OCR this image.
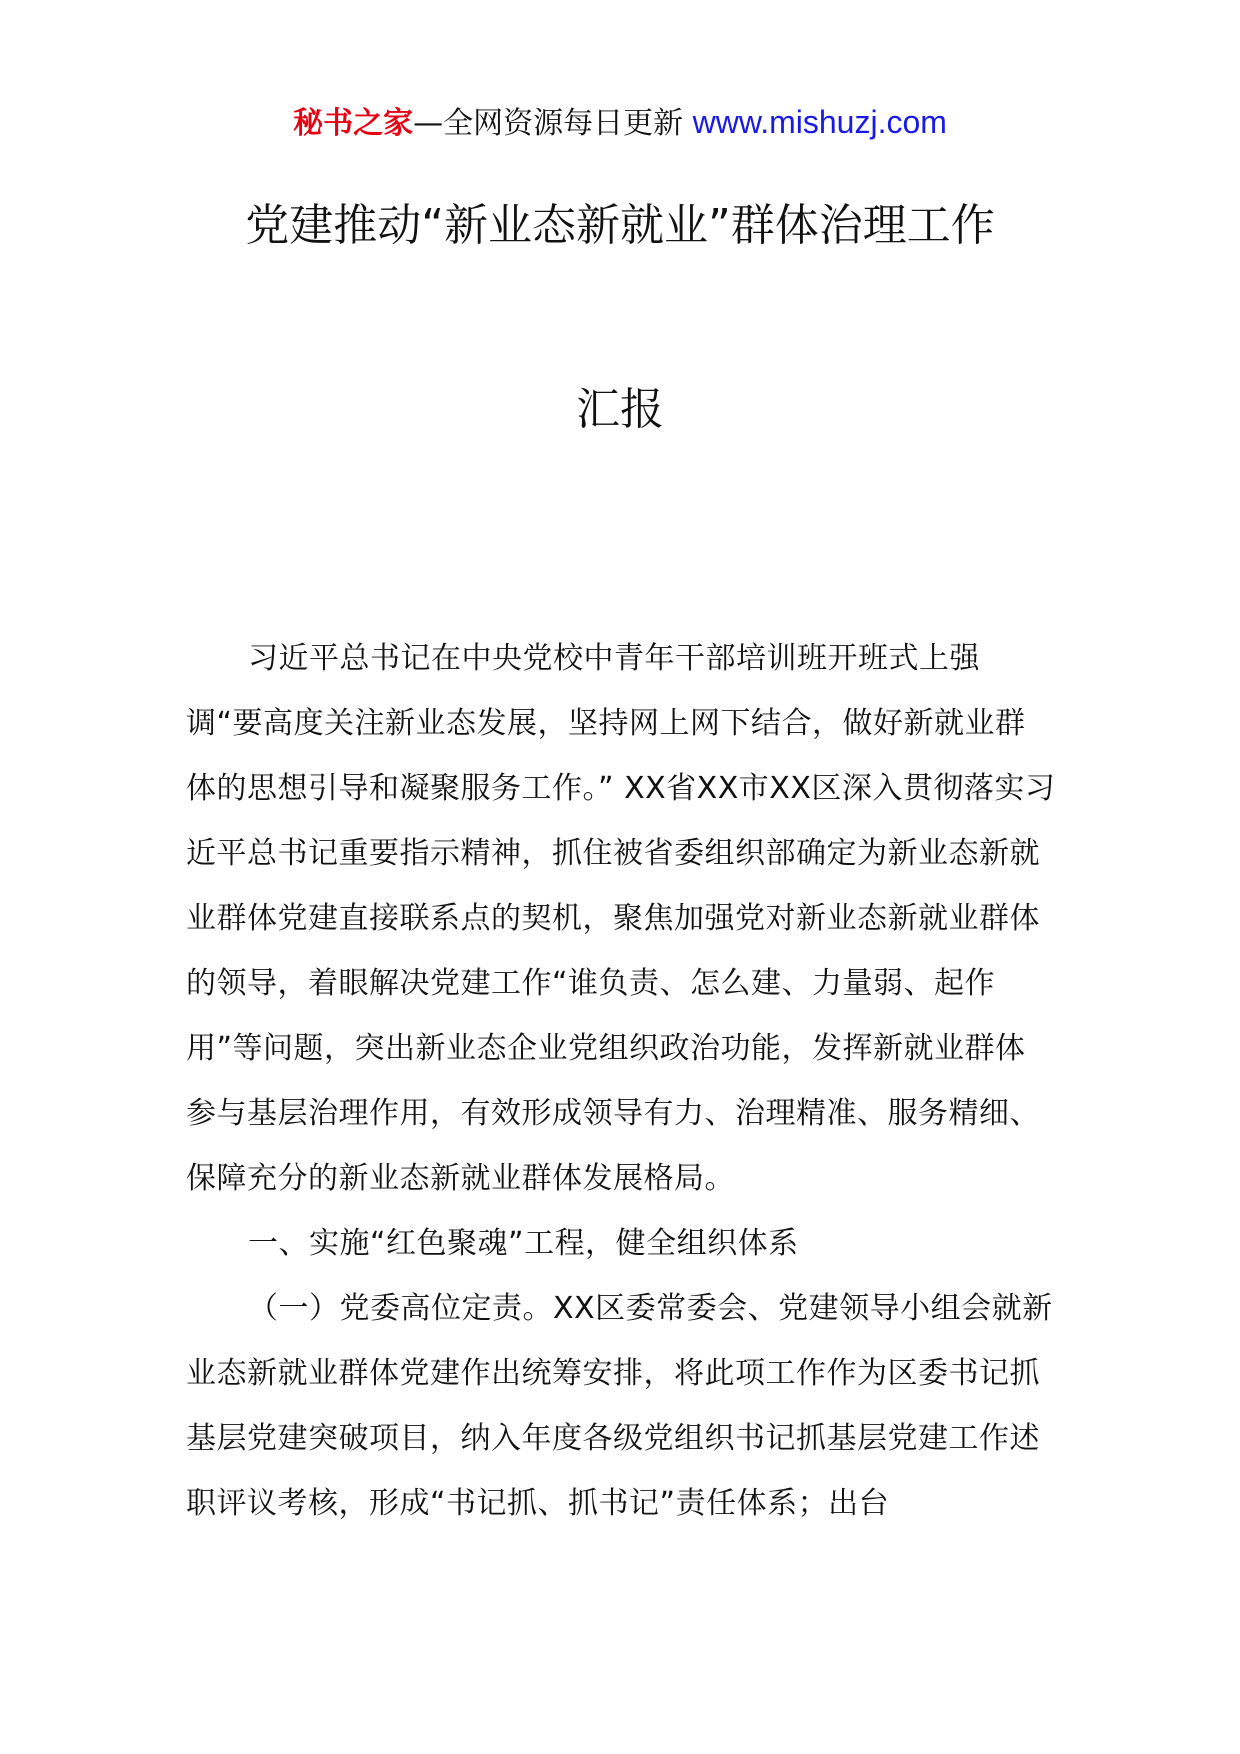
秘书之家—全网资源每日更新 www.mishuzj.com
党建推动“新业态新就业”群体治理工作
汇报

习近平总书记在中央党校中青年干部培训班开班式上强调“要高度关注新业态发展，坚持网上网下结合，做好新就业群体的思想引导和凝聚服务工作。” XX省XX市XX区深入贯彻落实习近平总书记重要指示精神，抓住被省委组织部确定为新业态新就业群体党建直接联系点的契机，聚焦加强党对新业态新就业群体的领导，着眼解决党建工作“谁负责、怎么建、力量弱、起作用”等问题，突出新业态企业党组织政治功能，发挥新就业群体参与基层治理作用，有效形成领导有力、治理精准、服务精细、保障充分的新业态新就业群体发展格局。

一、实施“红色聚魂”工程，健全组织体系

（一）党委高位定责。XX区委常委会、党建领导小组会就新业态新就业群体党建作出统筹安排，将此项工作作为区委书记抓基层党建突破项目，纳入年度各级党组织书记抓基层党建工作述职评议考核，形成“书记抓、抓书记”责任体系；出台
